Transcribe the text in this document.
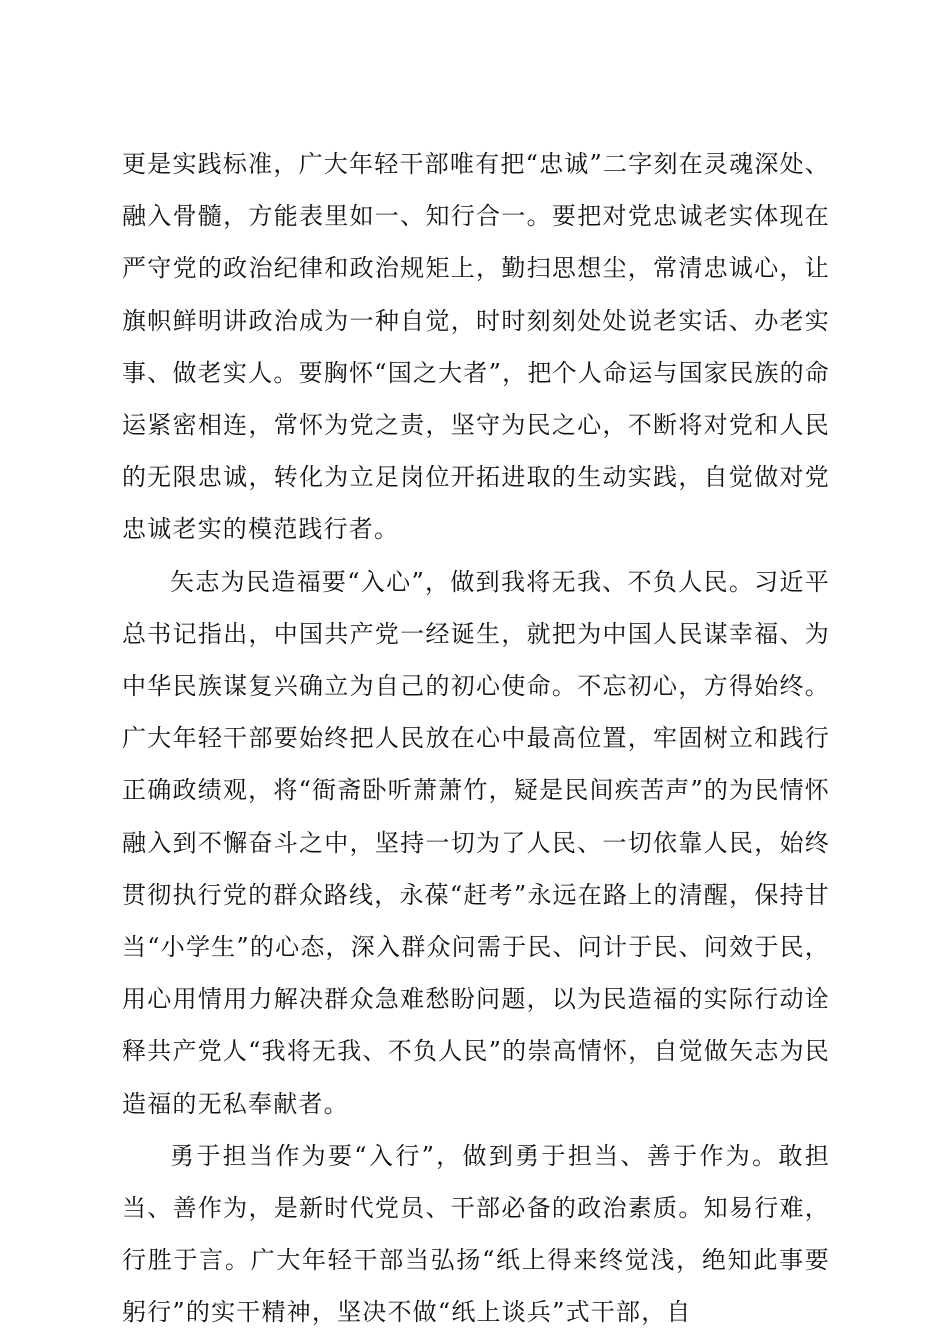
更是实践标准，广大年轻干部唯有把“忠诚”二字刻在灵魂深处、融入骨髓，方能表里如一、知行合一。要把对党忠诚老实体现在严守党的政治纪律和政治规矩上，勤扫思想尘，常清忠诚心，让旗帜鲜明讲政治成为一种自觉，时时刻刻处处说老实话、办老实事、做老实人。要胸怀“国之大者”，把个人命运与国家民族的命运紧密相连，常怀为党之责，坚守为民之心，不断将对党和人民的无限忠诚，转化为立足岗位开拓进取的生动实践，自觉做对党忠诚老实的模范践行者。

矢志为民造福要“入心”，做到我将无我、不负人民。习近平总书记指出，中国共产党一经诞生，就把为中国人民谋幸福、为中华民族谋复兴确立为自己的初心使命。不忘初心，方得始终。广大年轻干部要始终把人民放在心中最高位置，牢固树立和践行正确政绩观，将“衙斋卧听萧萧竹，疑是民间疾苦声”的为民情怀融入到不懈奋斗之中，坚持一切为了人民、一切依靠人民，始终贯彻执行党的群众路线，永葆“赶考”永远在路上的清醒，保持甘当“小学生”的心态，深入群众问需于民、问计于民、问效于民，用心用情用力解决群众急难愁盼问题，以为民造福的实际行动诠释共产党人“我将无我、不负人民”的崇高情怀，自觉做矢志为民造福的无私奉献者。

勇于担当作为要“入行”，做到勇于担当、善于作为。敢担当、善作为，是新时代党员、干部必备的政治素质。知易行难，行胜于言。广大年轻干部当弘扬“纸上得来终觉浅，绝知此事要躬行”的实干精神，坚决不做“纸上谈兵”式干部，自
